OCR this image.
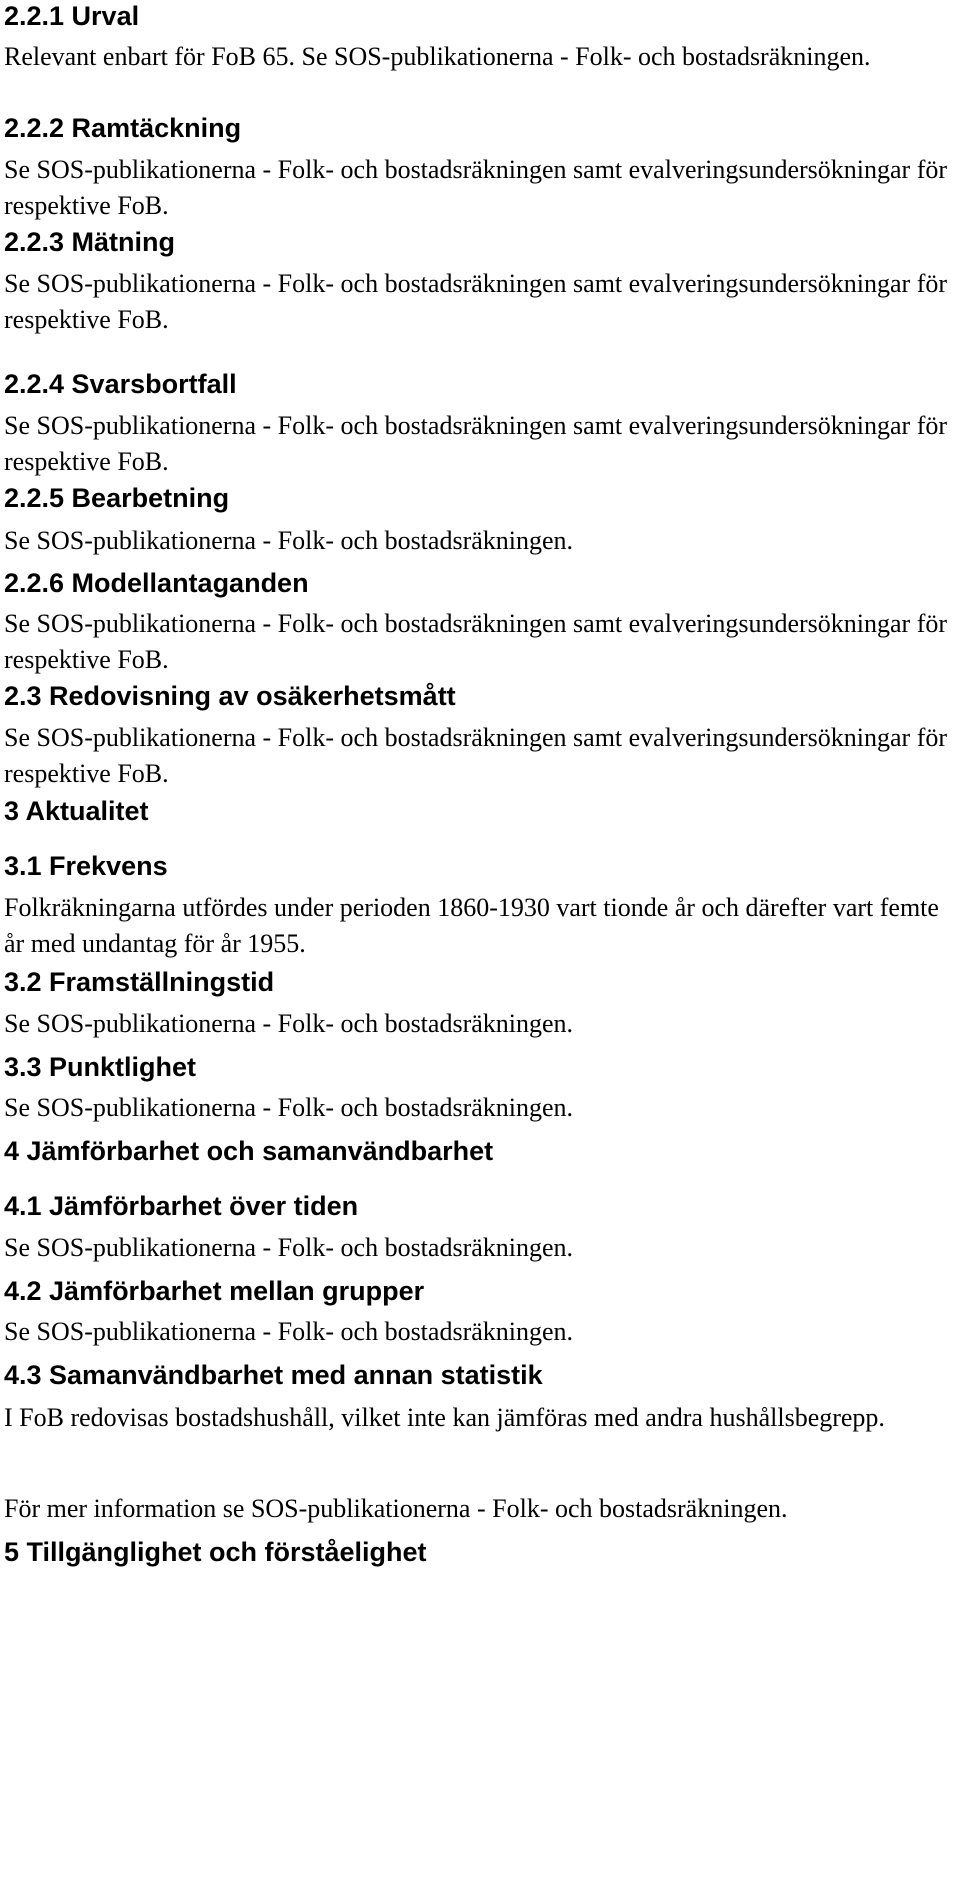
2.2.1 Urval

Relevant enbart för FoB 65. Se SOS-publikationerna - Folk- och bostadsräkningen.

2.2.2 Ramtäckning

Se SOS-publikationerna - Folk- och bostadsräkningen samt evalveringsundersökningar för respektive FoB.

2.2.3 Mätning

Se SOS-publikationerna - Folk- och bostadsräkningen samt evalveringsundersökningar för respektive FoB.

2.2.4 Svarsbortfall

Se SOS-publikationerna - Folk- och bostadsräkningen samt evalveringsundersökningar för respektive FoB.

2.2.5 Bearbetning

Se SOS-publikationerna - Folk- och bostadsräkningen.

2.2.6 Modellantaganden

Se SOS-publikationerna - Folk- och bostadsräkningen samt evalveringsundersökningar för respektive FoB.

2.3 Redovisning av osäkerhetsmått

Se SOS-publikationerna - Folk- och bostadsräkningen samt evalveringsundersökningar för respektive FoB.

3 Aktualitet
3.1 Frekvens

Folkräkningarna utfördes under perioden 1860-1930 vart tionde år och därefter vart femte år med undantag för år 1955.

3.2 Framställningstid

Se SOS-publikationerna - Folk- och bostadsräkningen.

3.3 Punktlighet

Se SOS-publikationerna - Folk- och bostadsräkningen.

4 Jämförbarhet och samanvändbarhet
4.1 Jämförbarhet över tiden

Se SOS-publikationerna - Folk- och bostadsräkningen.

4.2 Jämförbarhet mellan grupper

Se SOS-publikationerna - Folk- och bostadsräkningen.

4.3 Samanvändbarhet med annan statistik

I FoB redovisas bostadshushåll, vilket inte kan jämföras med andra hushållsbegrepp.

För mer information se SOS-publikationerna - Folk- och bostadsräkningen.

5 Tillgänglighet och förståelighet
